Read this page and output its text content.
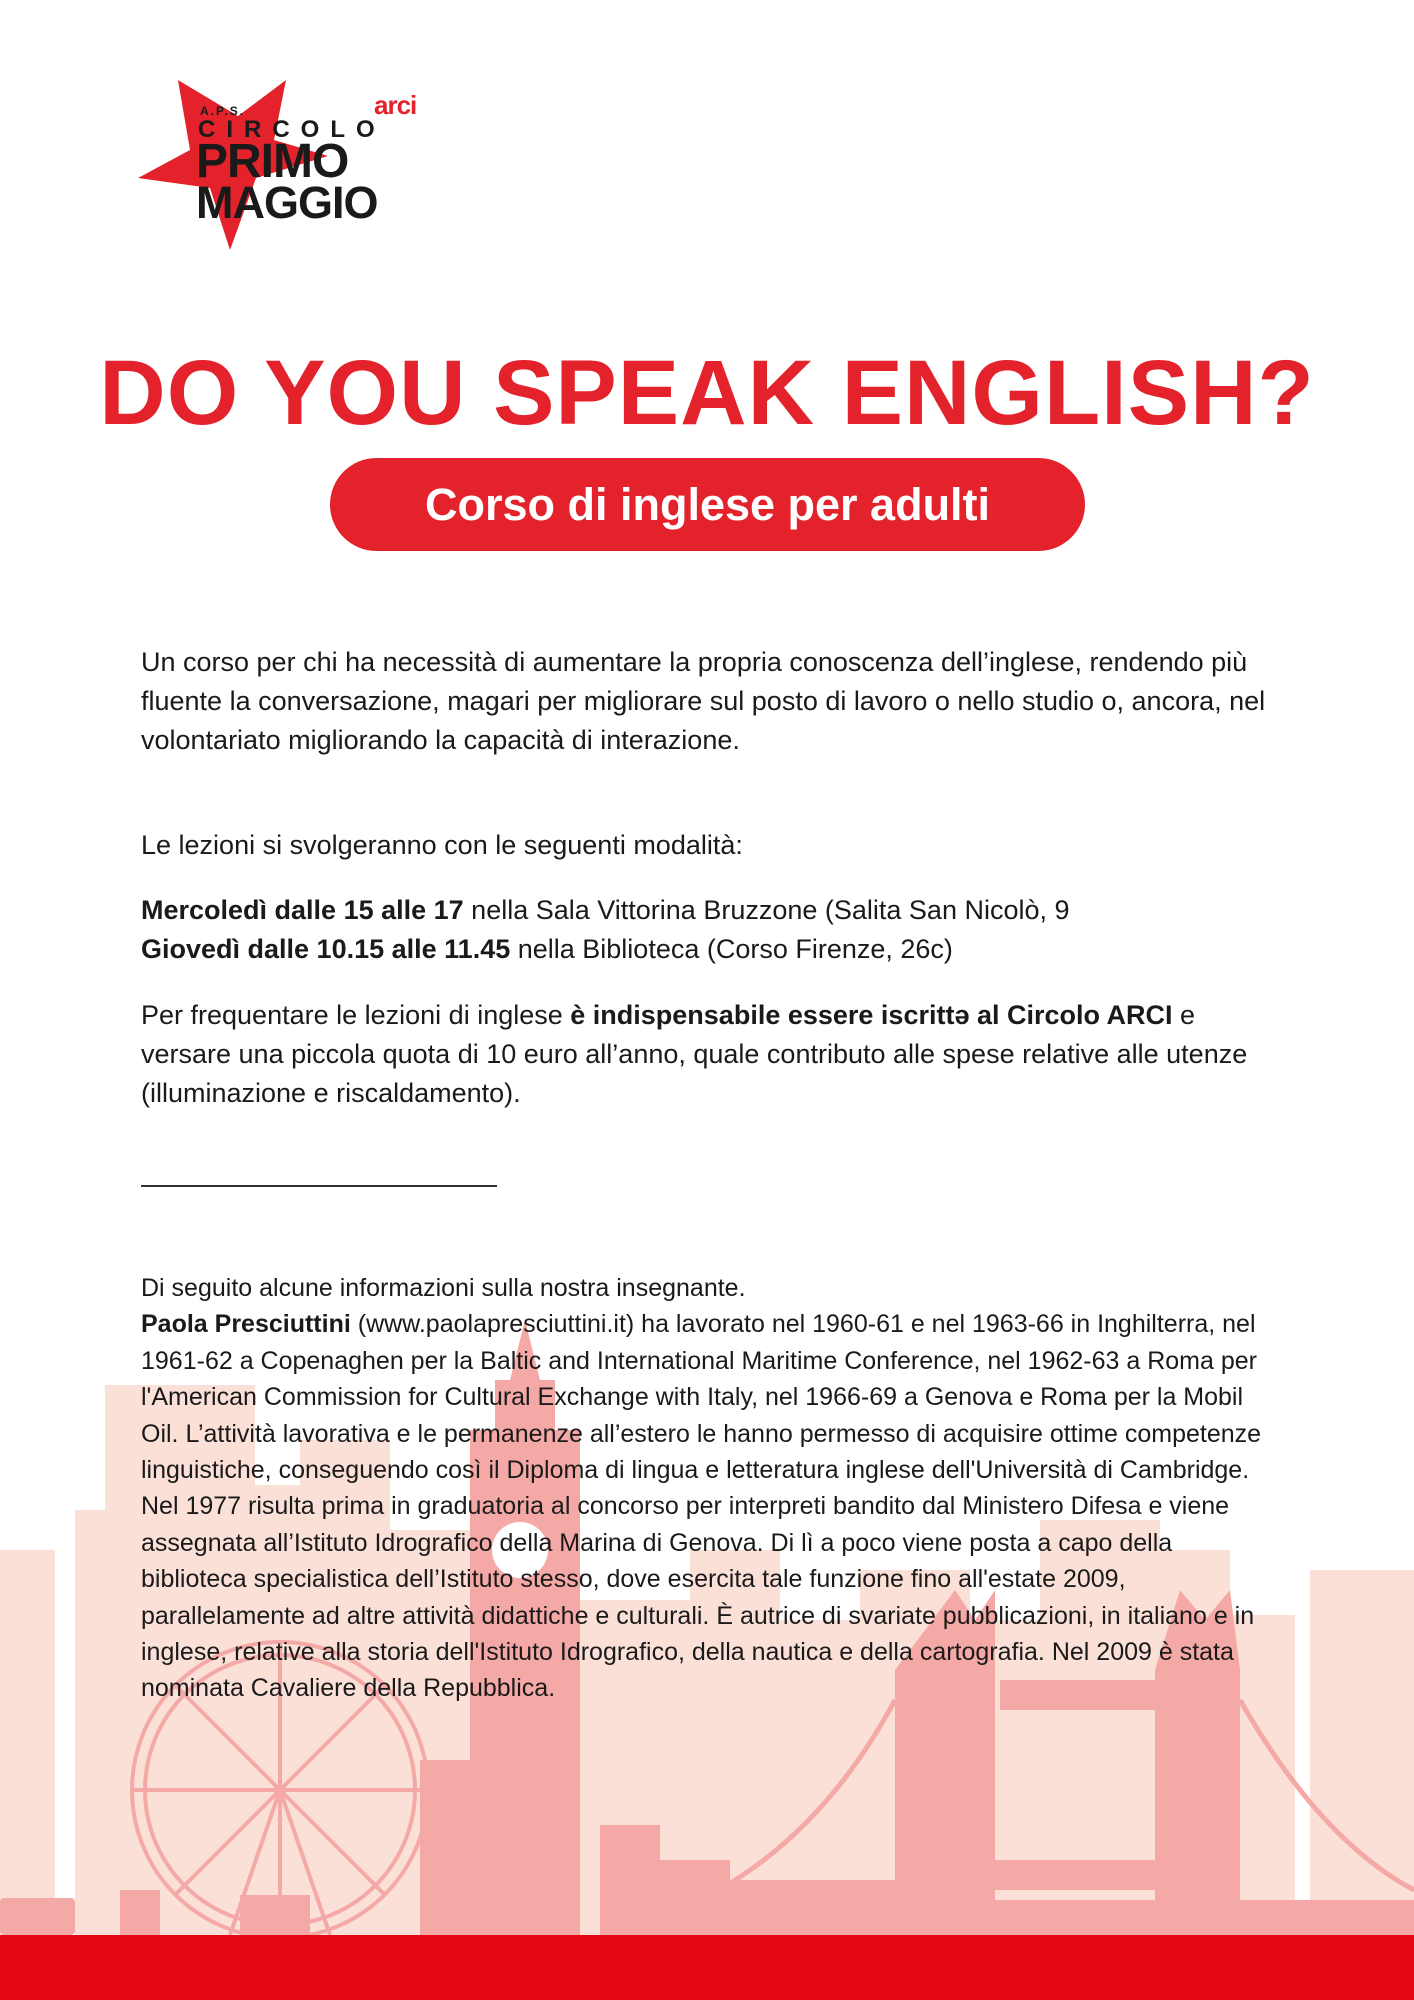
A.P.S.
CIRCOLO
PRIMO
MAGGIO
arci
DO YOU SPEAK ENGLISH?
Corso di inglese per adulti

Un corso per chi ha necessità di aumentare la propria conoscenza dell’inglese, rendendo più fluente la conversazione, magari per migliorare sul posto di lavoro o nello studio o, ancora, nel volontariato migliorando la capacità di interazione.

Le lezioni si svolgeranno con le seguenti modalità:

Mercoledì dalle 15 alle 17 nella Sala Vittorina Bruzzone (Salita San Nicolò, 9
Giovedì dalle 10.15 alle 11.45 nella Biblioteca (Corso Firenze, 26c)

Per frequentare le lezioni di inglese è indispensabile essere iscrittə al Circolo ARCI e versare una piccola quota di 10 euro all’anno, quale contributo alle spese relative alle utenze (illuminazione e riscaldamento).

Di seguito alcune informazioni sulla nostra insegnante.
Paola Presciuttini (www.paolapresciuttini.it) ha lavorato nel 1960-61 e nel 1963-66 in Inghilterra, nel 1961-62 a Copenaghen per la Baltic and International Maritime Conference, nel 1962-63 a Roma per l'American Commission for Cultural Exchange with Italy, nel 1966-69 a Genova e Roma per la Mobil Oil. L’attività lavorativa e le permanenze all’estero le hanno permesso di acquisire ottime competenze linguistiche, conseguendo così il Diploma di lingua e letteratura inglese dell'Università di Cambridge. Nel 1977 risulta prima in graduatoria al concorso per interpreti bandito dal Ministero Difesa e viene assegnata all’Istituto Idrografico della Marina di Genova. Di lì a poco viene posta a capo della biblioteca specialistica dell’Istituto stesso, dove esercita tale funzione fino all'estate 2009, parallelamente ad altre attività didattiche e culturali. È autrice di svariate pubblicazioni, in italiano e in inglese, relative alla storia dell'Istituto Idrografico, della nautica e della cartografia. Nel 2009 è stata nominata Cavaliere della Repubblica.
